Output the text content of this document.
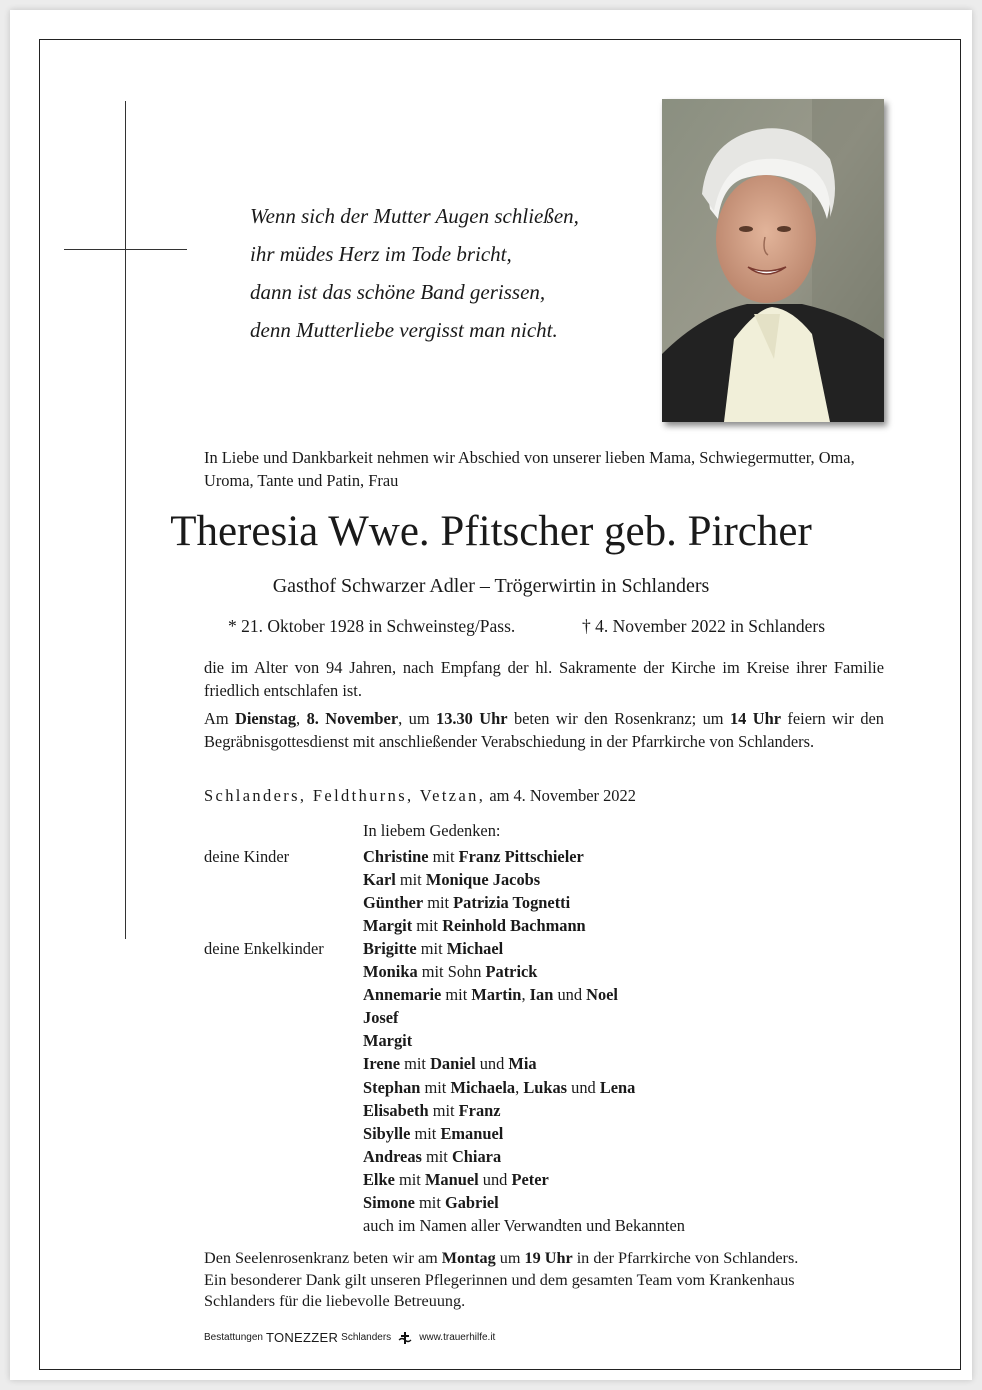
Wenn sich der Mutter Augen schließen,
ihr müdes Herz im Tode bricht,
dann ist das schöne Band gerissen,
denn Mutterliebe vergisst man nicht.
In Liebe und Dankbarkeit nehmen wir Abschied von unserer lieben Mama, Schwiegermutter, Oma, Uroma, Tante und Patin, Frau
Theresia Wwe. Pfitscher geb. Pircher
Gasthof Schwarzer Adler – Trögerwirtin in Schlanders
* 21. Oktober 1928 in Schweinsteg/Pass.	† 4. November 2022 in Schlanders
die im Alter von 94 Jahren, nach Empfang der hl. Sakramente der Kirche im Kreise ihrer Familie friedlich entschlafen ist.
Am Dienstag, 8. November, um 13.30 Uhr beten wir den Rosenkranz; um 14 Uhr feiern wir den Begräbnisgottesdienst mit anschließender Verabschiedung in der Pfarrkirche von Schlanders.
Schlanders, Feldthurns, Vetzan, am 4. November 2022
In liebem Gedenken:
deine Kinder	Christine mit Franz Pittschieler
Karl mit Monique Jacobs
Günther mit Patrizia Tognetti
Margit mit Reinhold Bachmann
deine Enkelkinder Brigitte mit Michael
Monika mit Sohn Patrick
Annemarie mit Martin, Ian und Noel
Josef
Margit
Irene mit Daniel und Mia
Stephan mit Michaela, Lukas und Lena
Elisabeth mit Franz
Sibylle mit Emanuel
Andreas mit Chiara
Elke mit Manuel und Peter
Simone mit Gabriel
auch im Namen aller Verwandten und Bekannten
Den Seelenrosenkranz beten wir am Montag um 19 Uhr in der Pfarrkirche von Schlanders.
Ein besonderer Dank gilt unseren Pflegerinnen und dem gesamten Team vom Krankenhaus
Schlanders für die liebevolle Betreuung.
Bestattungen TONEZZER Schlanders	www.trauerhilfe.it
